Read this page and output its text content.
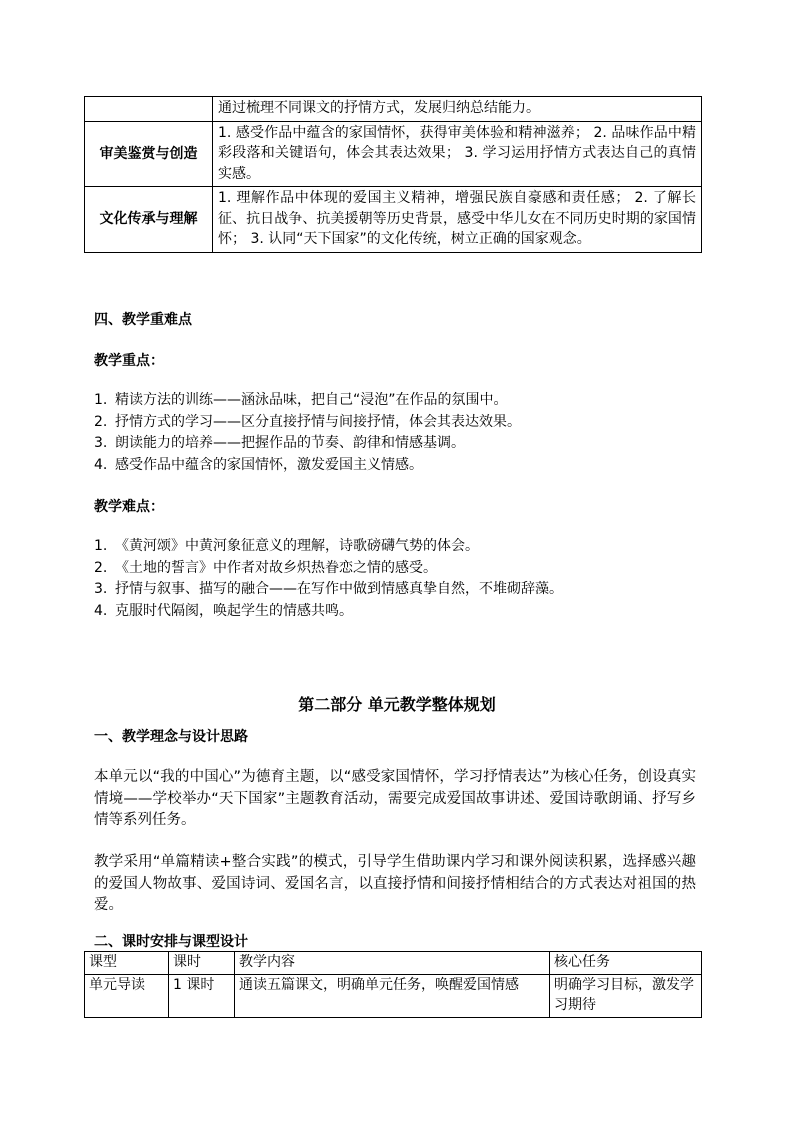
	通过梳理不同课文的抒情方式，发展归纳总结能力。
审美鉴赏与创造	1. 感受作品中蕴含的家国情怀，获得审美体验和精神滋养； 2. 品味作品中精彩段落和关键语句，体会其表达效果； 3. 学习运用抒情方式表达自己的真情实感。
文化传承与理解	1. 理解作品中体现的爱国主义精神，增强民族自豪感和责任感； 2. 了解长征、抗日战争、抗美援朝等历史背景，感受中华儿女在不同历史时期的家国情怀； 3. 认同“天下国家”的文化传统，树立正确的国家观念。
四、教学重难点
教学重点：
1. 精读方法的训练——涵泳品味，把自己“浸泡”在作品的氛围中。
2. 抒情方式的学习——区分直接抒情与间接抒情，体会其表达效果。
3. 朗读能力的培养——把握作品的节奏、韵律和情感基调。
4. 感受作品中蕴含的家国情怀，激发爱国主义情感。
教学难点：
1. 《黄河颂》中黄河象征意义的理解，诗歌磅礴气势的体会。
2. 《土地的誓言》中作者对故乡炽热眷恋之情的感受。
3. 抒情与叙事、描写的融合——在写作中做到情感真挚自然，不堆砌辞藻。
4. 克服时代隔阂，唤起学生的情感共鸣。
第二部分 单元教学整体规划
一、教学理念与设计思路

本单元以“我的中国心”为德育主题，以“感受家国情怀，学习抒情表达”为核心任务，创设真实情境——学校举办“天下国家”主题教育活动，需要完成爱国故事讲述、爱国诗歌朗诵、抒写乡情等系列任务。

教学采用“单篇精读+整合实践”的模式，引导学生借助课内学习和课外阅读积累，选择感兴趣的爱国人物故事、爱国诗词、爱国名言，以直接抒情和间接抒情相结合的方式表达对祖国的热爱。

二、课时安排与课型设计
课型	课时	教学内容	核心任务
单元导读	1 课时	通读五篇课文，明确单元任务，唤醒爱国情感	明确学习目标，激发学习期待
